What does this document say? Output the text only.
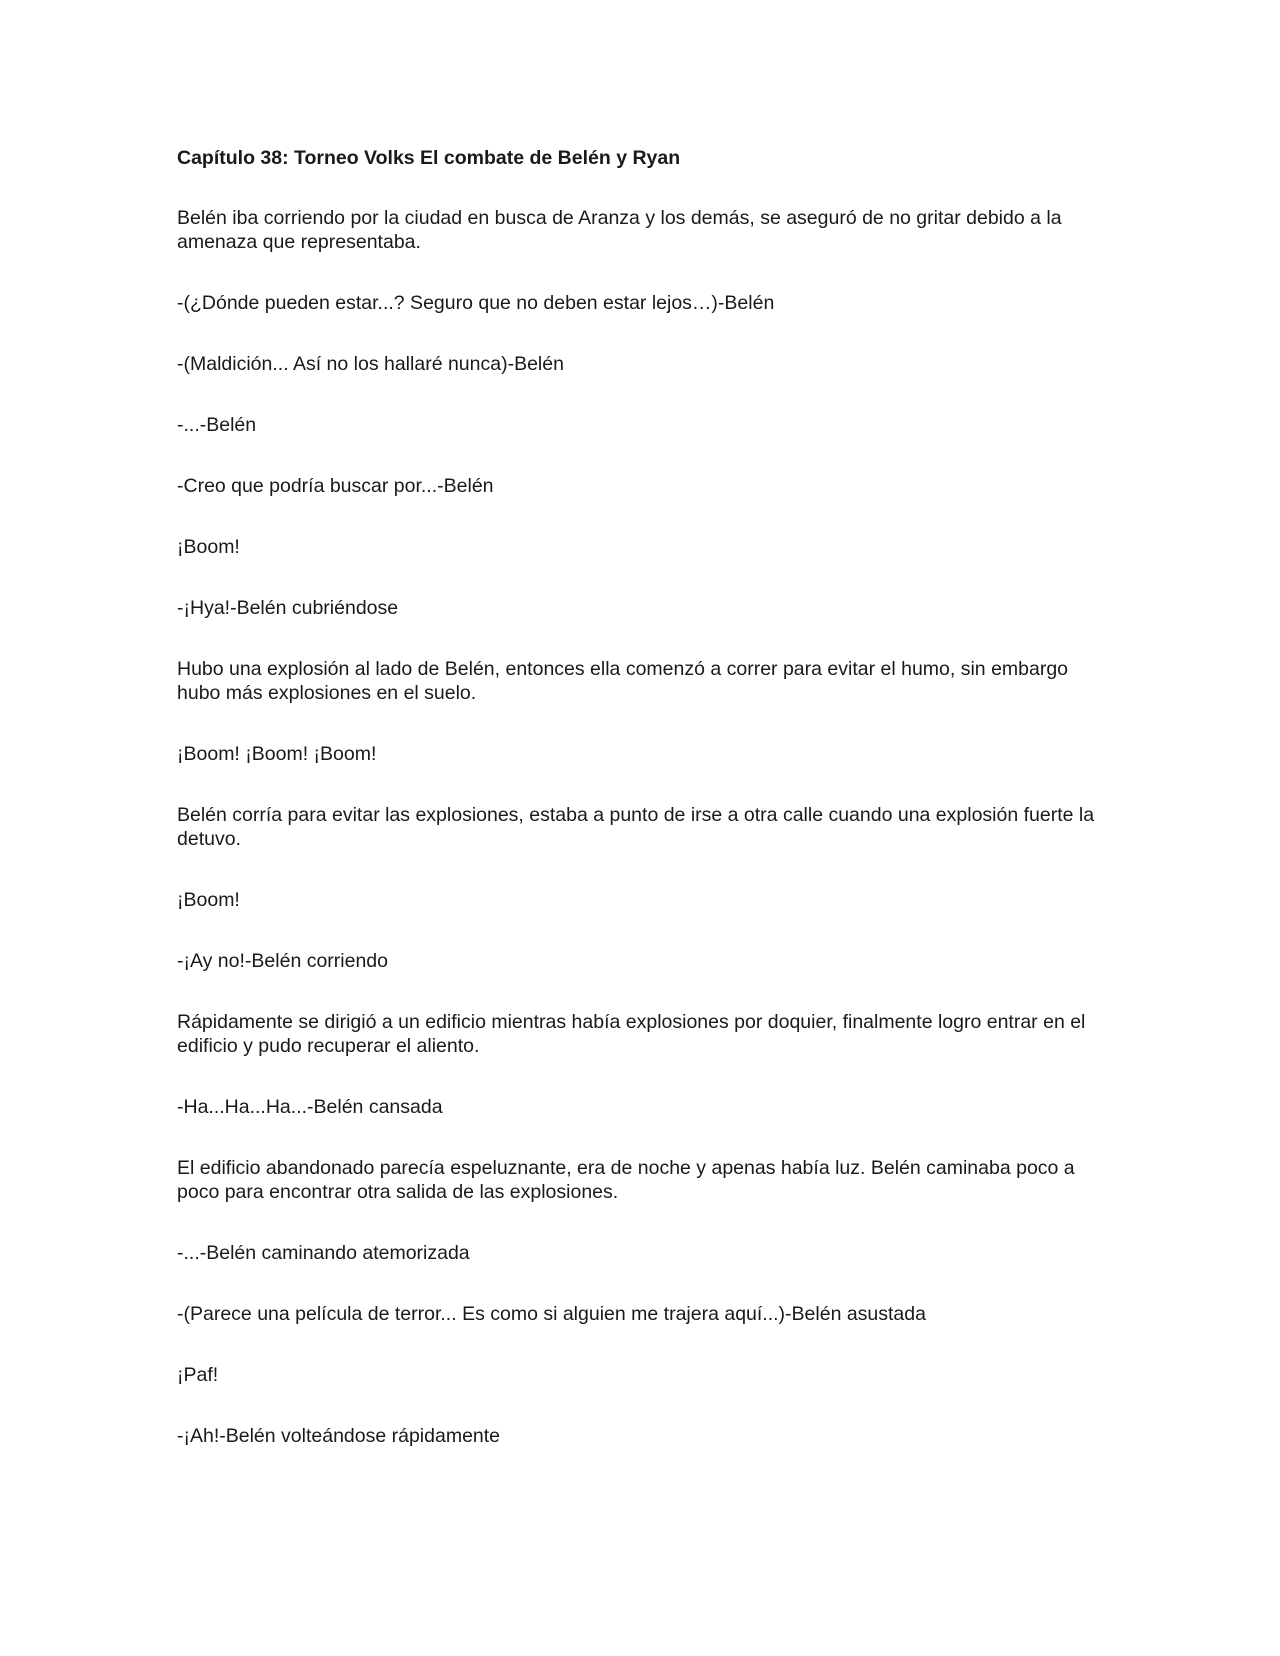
Capítulo 38: Torneo Volks El combate de Belén y Ryan

Belén iba corriendo por la ciudad en busca de Aranza y los demás, se aseguró de no gritar debido a la amenaza que representaba.

-(¿Dónde pueden estar...? Seguro que no deben estar lejos…)-Belén

-(Maldición... Así no los hallaré nunca)-Belén

-...-Belén

-Creo que podría buscar por...-Belén

¡Boom!

-¡Hya!-Belén cubriéndose

Hubo una explosión al lado de Belén, entonces ella comenzó a correr para evitar el humo, sin embargo hubo más explosiones en el suelo.

¡Boom! ¡Boom! ¡Boom!

Belén corría para evitar las explosiones, estaba a punto de irse a otra calle cuando una explosión fuerte la detuvo.

¡Boom!

-¡Ay no!-Belén corriendo

Rápidamente se dirigió a un edificio mientras había explosiones por doquier, finalmente logro entrar en el edificio y pudo recuperar el aliento.

-Ha...Ha...Ha...-Belén cansada

El edificio abandonado parecía espeluznante, era de noche y apenas había luz. Belén caminaba poco a poco para encontrar otra salida de las explosiones.

-...-Belén caminando atemorizada

-(Parece una película de terror... Es como si alguien me trajera aquí...)-Belén asustada

¡Paf!

-¡Ah!-Belén volteándose rápidamente
